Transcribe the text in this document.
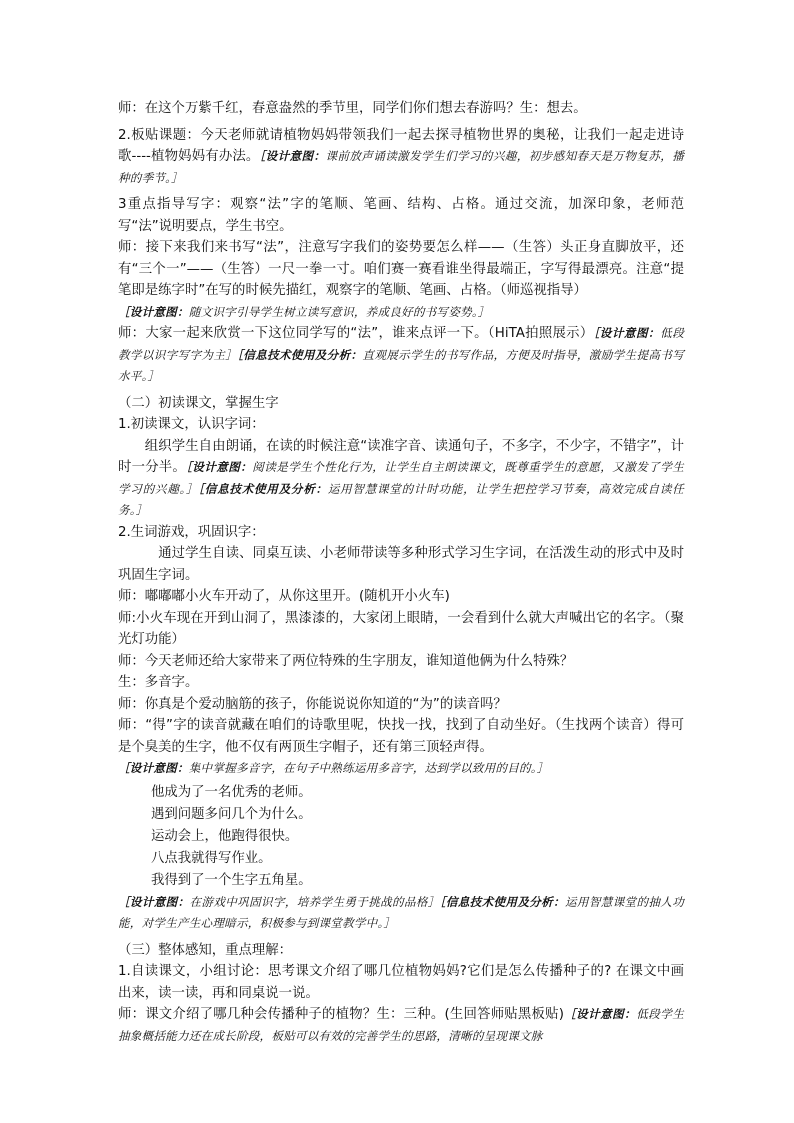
师：在这个万紫千红，春意盎然的季节里，同学们你们想去春游吗？生：想去。

2.板贴课题：今天老师就请植物妈妈带领我们一起去探寻植物世界的奥秘，让我们一起走进诗歌----植物妈妈有办法。［设计意图：课前放声诵读激发学生们学习的兴趣，初步感知春天是万物复苏，播种的季节。］

3重点指导写字：观察“法”字的笔顺、笔画、结构、占格。通过交流，加深印象，老师范写“法”说明要点，学生书空。

师：接下来我们来书写“法”，注意写字我们的姿势要怎么样——（生答）头正身直脚放平，还有“三个一”——（生答）一尺一拳一寸。咱们赛一赛看谁坐得最端正，字写得最漂亮。注意“提笔即是练字时”在写的时候先描红，观察字的笔顺、笔画、占格。（师巡视指导）

［设计意图：随文识字引导学生树立读写意识，养成良好的书写姿势。］

师：大家一起来欣赏一下这位同学写的“法”，谁来点评一下。（HiTA拍照展示）［设计意图：低段教学以识字写字为主］［信息技术使用及分析：直观展示学生的书写作品，方便及时指导，激励学生提高书写水平。］

（二）初读课文，掌握生字

1.初读课文，认识字词：

组织学生自由朗诵，在读的时候注意“读准字音、读通句子，不多字，不少字，不错字”，计时一分半。［设计意图：阅读是学生个性化行为，让学生自主朗读课文，既尊重学生的意愿，又激发了学生学习的兴趣。］［信息技术使用及分析：运用智慧课堂的计时功能，让学生把控学习节奏，高效完成自读任务。］

2.生词游戏，巩固识字：

通过学生自读、同桌互读、小老师带读等多种形式学习生字词，在活泼生动的形式中及时巩固生字词。

师：嘟嘟嘟小火车开动了，从你这里开。(随机开小火车)

师:小火车现在开到山洞了，黑漆漆的，大家闭上眼睛，一会看到什么就大声喊出它的名字。（聚光灯功能）

师：今天老师还给大家带来了两位特殊的生字朋友，谁知道他俩为什么特殊？

生：多音字。

师：你真是个爱动脑筋的孩子，你能说说你知道的“为”的读音吗？

师：“得”字的读音就藏在咱们的诗歌里呢，快找一找，找到了自动坐好。（生找两个读音）得可是个臭美的生字，他不仅有两顶生字帽子，还有第三顶轻声得。

［设计意图：集中掌握多音字，在句子中熟练运用多音字，达到学以致用的目的。］

他成为了一名优秀的老师。

遇到问题多问几个为什么。

运动会上，他跑得很快。

八点我就得写作业。

我得到了一个生字五角星。

［设计意图：在游戏中巩固识字，培养学生勇于挑战的品格］［信息技术使用及分析：运用智慧课堂的抽人功能，对学生产生心理暗示，积极参与到课堂教学中。］

（三）整体感知，重点理解：

1.自读课文，小组讨论：思考课文介绍了哪几位植物妈妈?它们是怎么传播种子的? 在课文中画出来，读一读，再和同桌说一说。

师：课文介绍了哪几种会传播种子的植物？生：三种。(生回答师贴黑板贴)［设计意图：低段学生抽象概括能力还在成长阶段，板贴可以有效的完善学生的思路，清晰的呈现课文脉
